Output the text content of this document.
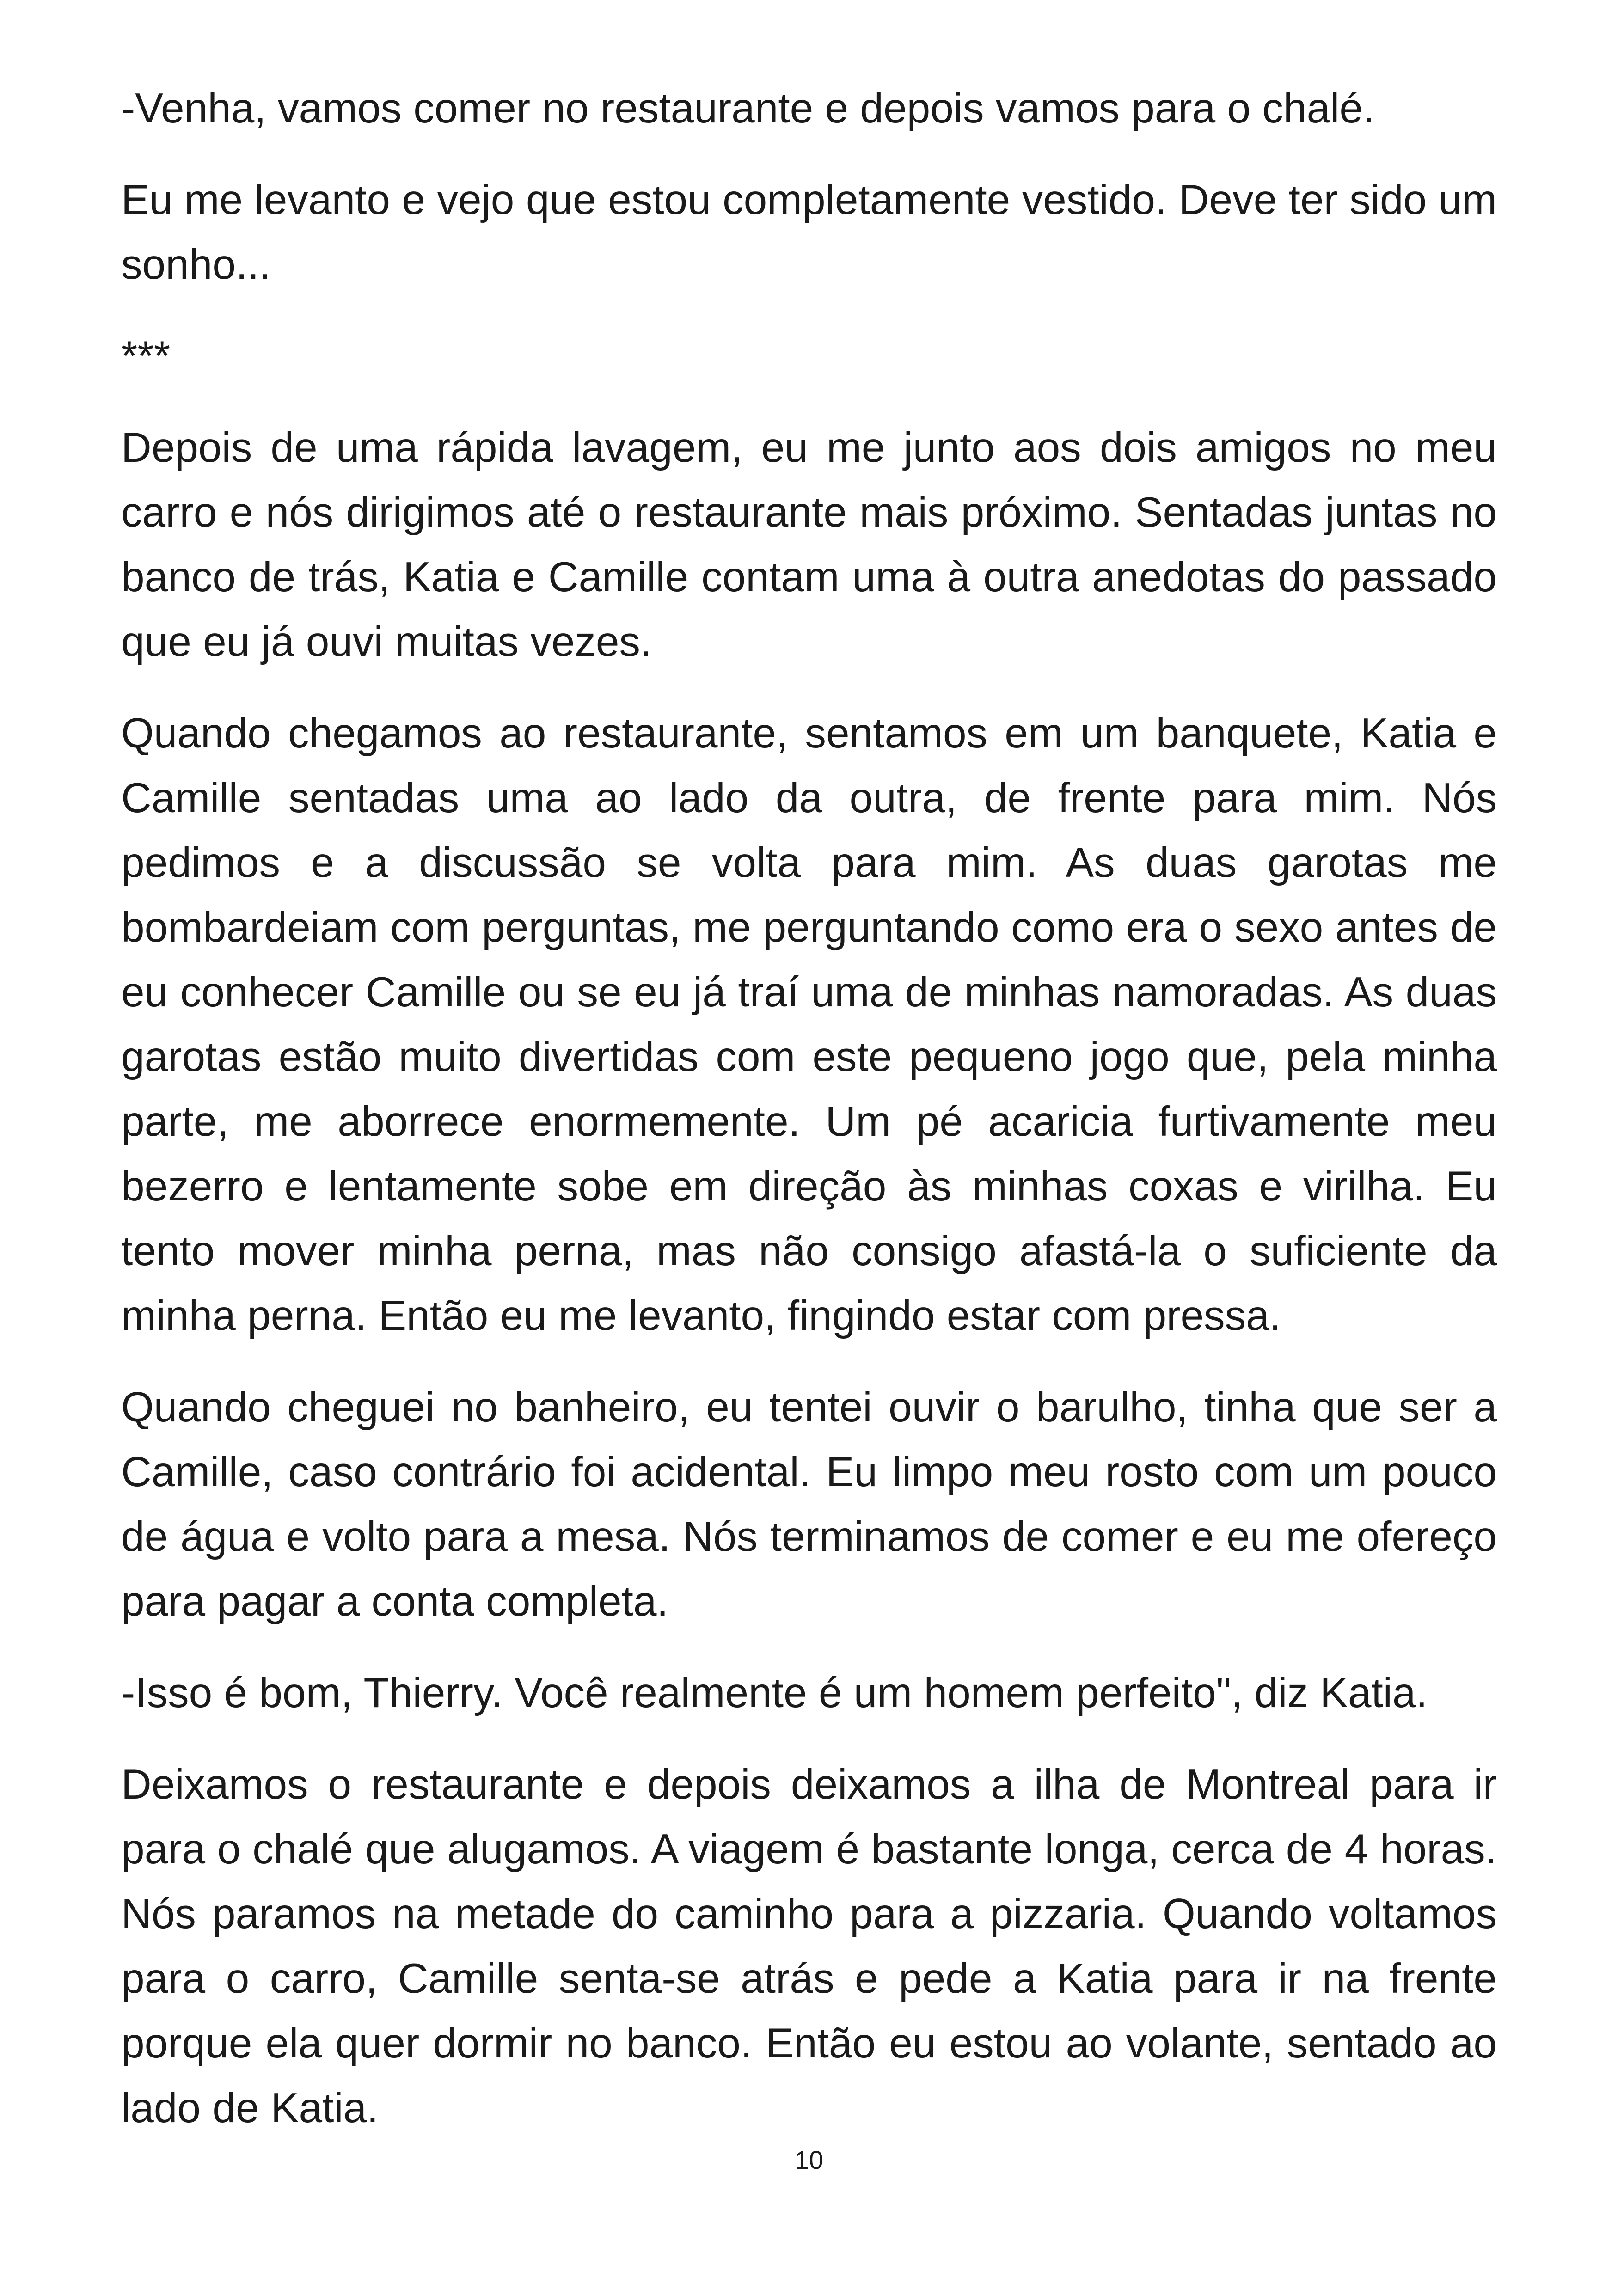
-Venha, vamos comer no restaurante e depois vamos para o chalé.

Eu me levanto e vejo que estou completamente vestido. Deve ter sido um sonho...

***

Depois de uma rápida lavagem, eu me junto aos dois amigos no meu carro e nós dirigimos até o restaurante mais próximo. Sentadas juntas no banco de trás, Katia e Camille contam uma à outra anedotas do passado que eu já ouvi muitas vezes.

Quando chegamos ao restaurante, sentamos em um banquete, Katia e Camille sentadas uma ao lado da outra, de frente para mim. Nós pedimos e a discussão se volta para mim. As duas garotas me bombardeiam com perguntas, me perguntando como era o sexo antes de eu conhecer Camille ou se eu já traí uma de minhas namoradas. As duas garotas estão muito divertidas com este pequeno jogo que, pela minha parte, me aborrece enormemente. Um pé acaricia furtivamente meu bezerro e lentamente sobe em direção às minhas coxas e virilha. Eu tento mover minha perna, mas não consigo afastá-la o suficiente da minha perna. Então eu me levanto, fingindo estar com pressa.

Quando cheguei no banheiro, eu tentei ouvir o barulho, tinha que ser a Camille, caso contrário foi acidental. Eu limpo meu rosto com um pouco de água e volto para a mesa. Nós terminamos de comer e eu me ofereço para pagar a conta completa.

-Isso é bom, Thierry. Você realmente é um homem perfeito", diz Katia.

Deixamos o restaurante e depois deixamos a ilha de Montreal para ir para o chalé que alugamos. A viagem é bastante longa, cerca de 4 horas. Nós paramos na metade do caminho para a pizzaria. Quando voltamos para o carro, Camille senta-se atrás e pede a Katia para ir na frente porque ela quer dormir no banco. Então eu estou ao volante, sentado ao lado de Katia.

10
